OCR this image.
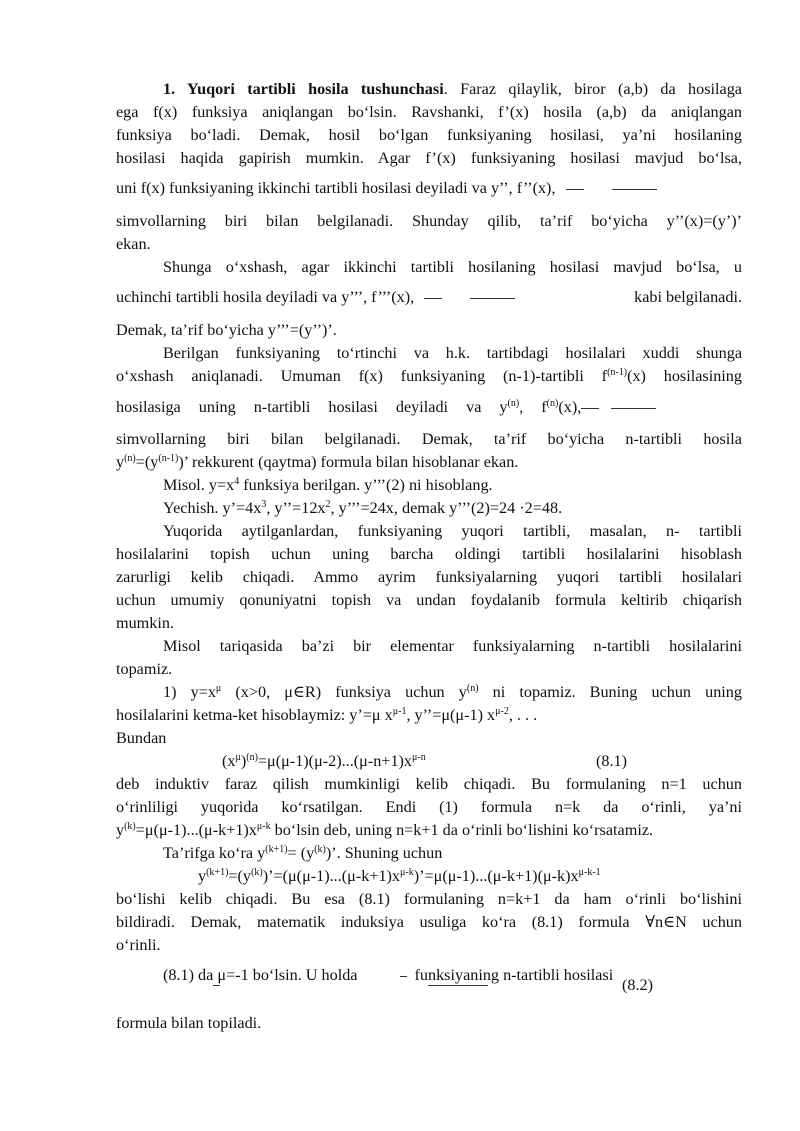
1. Yuqori tartibli hosila tushunchasi. Faraz qilaylik, biror (a,b) da hosilaga
ega f(x) funksiya aniqlangan bo‘lsin. Ravshanki, f’(x) hosila (a,b) da aniqlangan
funksiya bo‘ladi. Demak, hosil bo‘lgan funksiyaning hosilasi, ya’ni hosilaning
hosilasi haqida gapirish mumkin. Agar f’(x) funksiyaning hosilasi mavjud bo‘lsa,
uni f(x) funksiyaning ikkinchi tartibli hosilasi deyiladi va y’’, f’’(x),
simvollarning biri bilan belgilanadi. Shunday qilib, ta’rif bo‘yicha y’’(x)=(y’)’
ekan.
Shunga o‘xshash, agar ikkinchi tartibli hosilaning hosilasi mavjud bo‘lsa, u
uchinchi tartibli hosila deyiladi va y’’’, f’’’(x),	kabi belgilanadi.
Demak, ta’rif bo‘yicha y’’’=(y’’)’.
Berilgan funksiyaning to‘rtinchi va h.k. tartibdagi hosilalari xuddi shunga
o‘xshash aniqlanadi. Umuman f(x) funksiyaning (n-1)-tartibli $f^{(n-1)}(x)$ hosilasining
hosilasiga uning n-tartibli hosilasi deyiladi va $y^{(n)}$, $f^{(n)}(x)$,
simvollarning biri bilan belgilanadi. Demak, ta’rif bo‘yicha n-tartibli hosila
$y^{(n)}=(y^{(n-1)})$’ rekkurent (qaytma) formula bilan hisoblanar ekan.
Misol. $y=x^4$ funksiya berilgan. y’’’(2) ni hisoblang.
Yechish. $y’=4x^3$, $y’’=12x^2$, y’’’=24x, demak y’’’(2)=24 ·2=48.
Yuqorida aytilganlardan, funksiyaning yuqori tartibli, masalan, n- tartibli
hosilalarini topish uchun uning barcha oldingi tartibli hosilalarini hisoblash
zarurligi kelib chiqadi. Ammo ayrim funksiyalarning yuqori tartibli hosilalari
uchun umumiy qonuniyatni topish va undan foydalanib formula keltirib chiqarish
mumkin.
Misol tariqasida ba’zi bir elementar funksiyalarning n-tartibli hosilalarini
topamiz.
1) $y=x^\mu$ (x>0, μ∈R) funksiya uchun $y^{(n)}$ ni topamiz. Buning uchun uning
hosilalarini ketma-ket hisoblaymiz: y’=μ $x^{\mu-1}$, y’’=μ(μ-1) $x^{\mu-2}$, . . .
Bundan
$(x^\mu)^{(n)}=\mu(\mu-1)(\mu-2)...(\mu-n+1)x^{\mu-n}$	(8.1)
deb induktiv faraz qilish mumkinligi kelib chiqadi. Bu formulaning n=1 uchun
o‘rinliligi yuqorida ko‘rsatilgan. Endi (1) formula n=k da o‘rinli, ya’ni
$y^{(k)}=\mu(\mu-1)...(\mu-k+1)x^{\mu-k}$ bo‘lsin deb, uning n=k+1 da o‘rinli bo‘lishini ko‘rsatamiz.
Ta’rifga ko‘ra $y^{(k+1)}= (y^{(k)})$’. Shuning uchun
$y^{(k+1)}=(y^{(k)})’=(\mu(\mu-1)...(\mu-k+1)x^{\mu-k})’=\mu(\mu-1)...(\mu-k+1)(\mu-k)x^{\mu-k-1}$
bo‘lishi kelib chiqadi. Bu esa (8.1) formulaning n=k+1 da ham o‘rinli bo‘lishini
bildiradi. Demak, matematik induksiya usuliga ko‘ra (8.1) formula ∀n∈N uchun
o‘rinli.
(8.1) da μ=-1 bo‘lsin. U holda	funksiyaning n-tartibli hosilasi
(8.2)
formula bilan topiladi.
